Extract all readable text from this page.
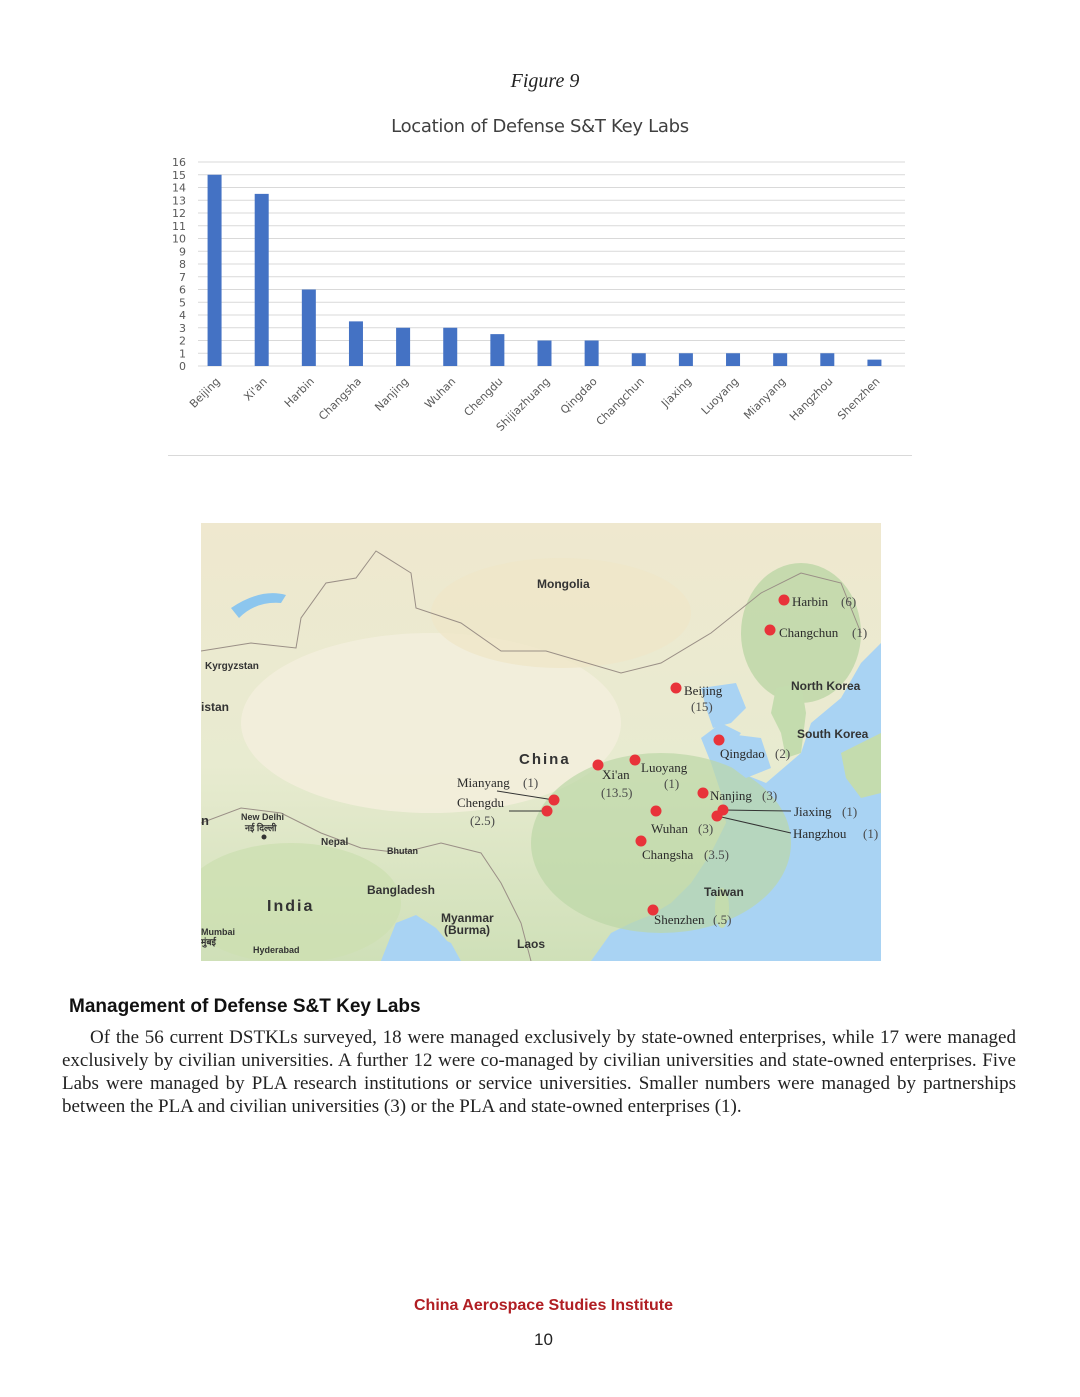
Figure 9
Location of Defense S&T Key Labs
0
1
2
3
4
5
6
7
8
9
10
11
12
13
14
15
16
Beijing Xi'an Harbin Changsha Nanjing Wuhan Chengdu
Shijiazhuang Qingdao
Changchun Jiaxing Luoyang Mianyang
Hangzhou Shenzhen
Mongolia
Kyrgyzstan
istan
China
North Korea
South Korea
New Delhi
नई दिल्ली
n
Nepal
Bhutan
Bangladesh
India
Myanmar
(Burma)
Mumbai
मुंबई
Hyderabad	Laos
Taiwan
Harbin (6)
Changchun (1)
Beijing
(15)
Qingdao (2)
Xi'an
(13.5)
Luoyang
(1)
Mianyang (1)
Chengdu
(2.5)
Nanjing (3)
Wuhan (3)
Changsha (3.5)
Jiaxing (1)
Hangzhou (1)
Shenzhen (.5)
Management of Defense S&T Key Labs
Of the 56 current DSTKLs surveyed, 18 were managed exclusively by state-owned enterprises, while 17 were managed exclusively by civilian universities. A further 12 were co-managed by civilian universities and state-owned enterprises. Five Labs were managed by PLA research institutions or service universities. Smaller numbers were managed by partnerships between the PLA and civilian universities (3) or the PLA and state-owned enterprises (1).
China Aerospace Studies Institute
10
